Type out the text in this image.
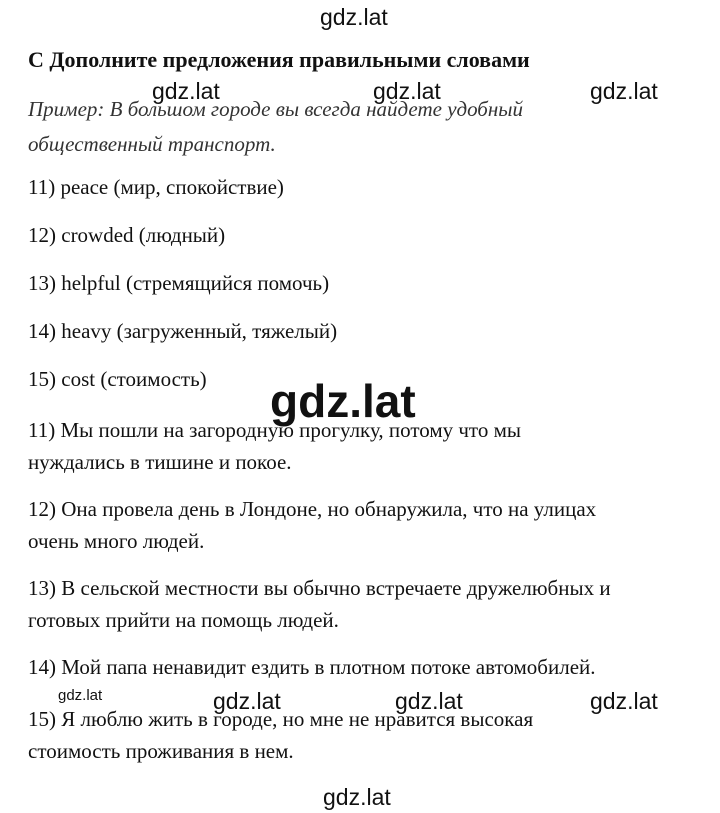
gdz.lat
gdz.lat	gdz.lat	gdz.lat
С Дополните предложения правильными словами
Пример: В большом городе вы всегда найдете удобный
общественный транспорт.
11) peace (мир, спокойствие)
12) crowded (людный)
13) helpful (стремящийся помочь)
14) heavy (загруженный, тяжелый)
15) cost (стоимость) gdz.lat
11) Мы пошли на загородную прогулку, потому что мы
нуждались в тишине и покое.
12) Она провела день в Лондоне, но обнаружила, что на улицах
очень много людей.
13) В сельской местности вы обычно встречаете дружелюбных и
готовых прийти на помощь людей.
14) Мой папа ненавидит ездить в плотном потоке автомобилей.
gdz.lat	gdz.lat	gdz.lat	gdz.lat
15) Я люблю жить в городе, но мне не нравится высокая
стоимость проживания в нем.
gdz.lat
